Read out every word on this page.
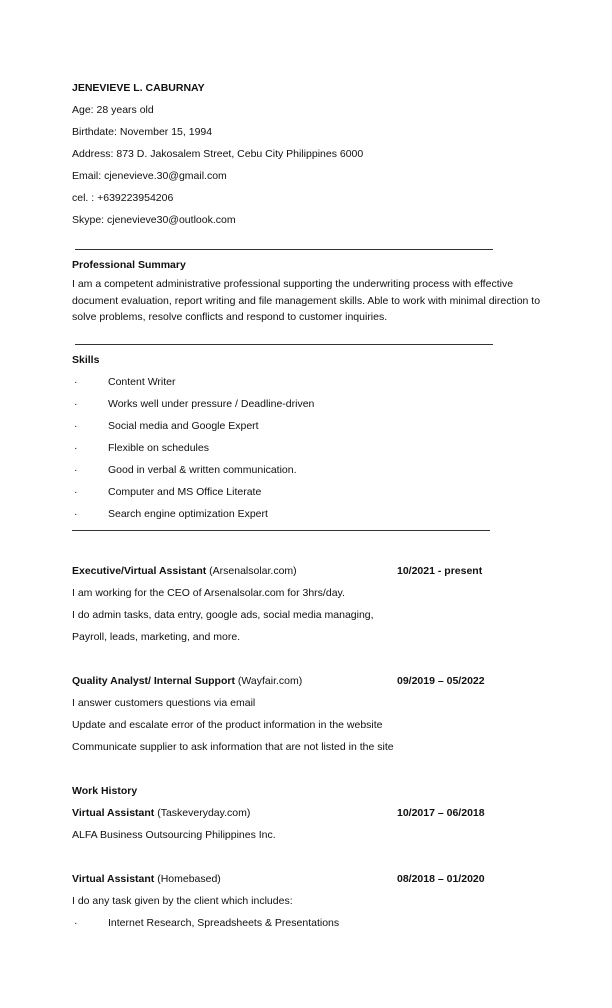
JENEVIEVE L. CABURNAY
Age: 28 years old
Birthdate: November 15, 1994
Address: 873 D. Jakosalem Street, Cebu City Philippines 6000
Email: cjenevieve.30@gmail.com
cel. : +639223954206
Skype: cjenevieve30@outlook.com
Professional Summary
I am a competent administrative professional supporting the underwriting process with effective document evaluation, report writing and file management skills. Able to work with minimal direction to solve problems, resolve conflicts and respond to customer inquiries.
Skills
·	Content Writer
·	Works well under pressure / Deadline-driven
·	Social media and Google Expert
·	Flexible on schedules
·	Good in verbal & written communication.
·	Computer and MS Office Literate
·	Search engine optimization Expert
Executive/Virtual Assistant (Arsenalsolar.com)	10/2021 - present
I am working for the CEO of Arsenalsolar.com for 3hrs/day.
I do admin tasks, data entry, google ads, social media managing,
Payroll, leads, marketing, and more.
Quality Analyst/ Internal Support (Wayfair.com)	09/2019 – 05/2022
I answer customers questions via email
Update and escalate error of the product information in the website
Communicate supplier to ask information that are not listed in the site
Work History
Virtual Assistant (Taskeveryday.com)	10/2017 – 06/2018
ALFA Business Outsourcing Philippines Inc.
Virtual Assistant (Homebased)	08/2018 – 01/2020
I do any task given by the client which includes:
·	Internet Research, Spreadsheets & Presentations
